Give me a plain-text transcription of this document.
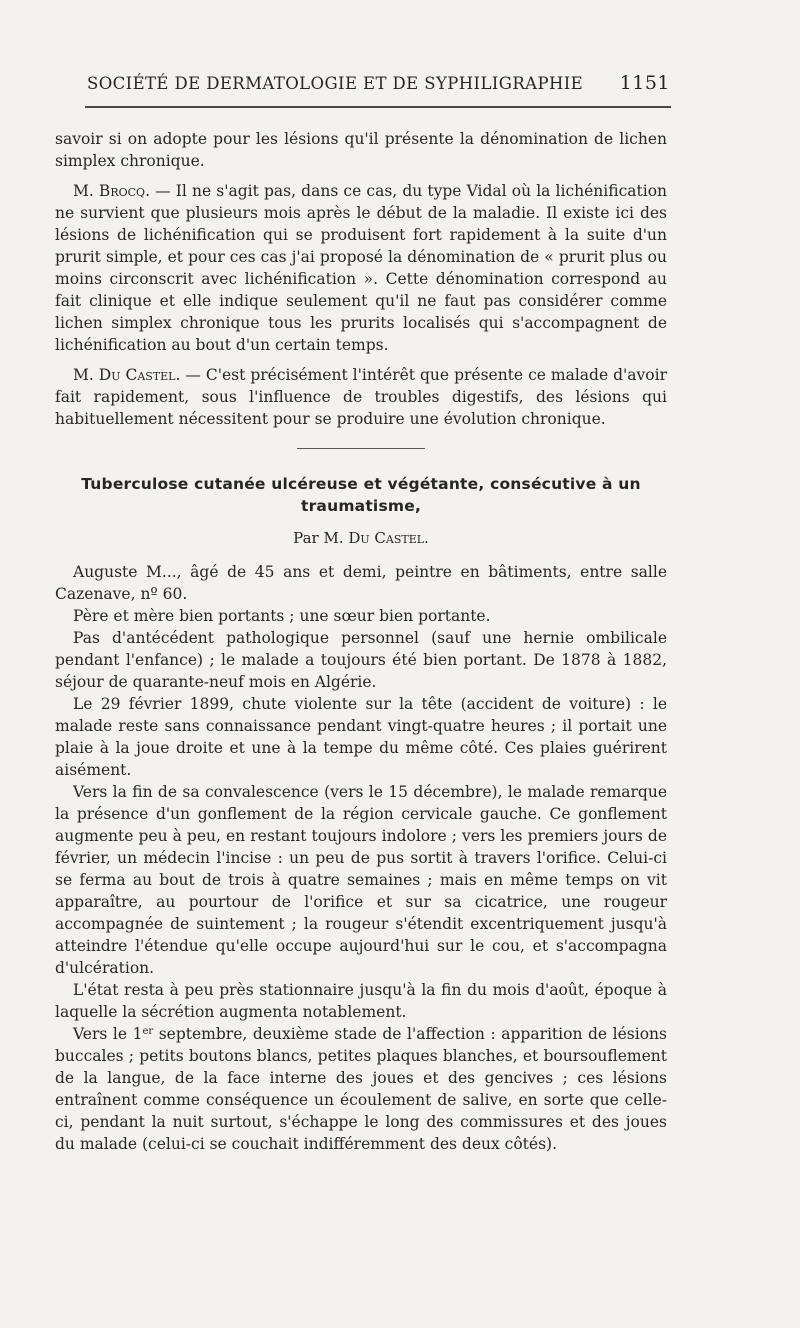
SOCIÉTÉ DE DERMATOLOGIE ET DE SYPHILIGRAPHIE 1151

savoir si on adopte pour les lésions qu'il présente la dénomination de lichen simplex chronique.

M. Brocq. — Il ne s'agit pas, dans ce cas, du type Vidal où la lichénification ne survient que plusieurs mois après le début de la maladie. Il existe ici des lésions de lichénification qui se produisent fort rapidement à la suite d'un prurit simple, et pour ces cas j'ai proposé la dénomination de « prurit plus ou moins circonscrit avec lichénification ». Cette dénomination correspond au fait clinique et elle indique seulement qu'il ne faut pas considérer comme lichen simplex chronique tous les prurits localisés qui s'accompagnent de lichénification au bout d'un certain temps.

M. Du Castel. — C'est précisément l'intérêt que présente ce malade d'avoir fait rapidement, sous l'influence de troubles digestifs, des lésions qui habituellement nécessitent pour se produire une évolution chronique.

Tuberculose cutanée ulcéreuse et végétante, consécutive à un traumatisme,
Par M. Du Castel.

Auguste M..., âgé de 45 ans et demi, peintre en bâtiments, entre salle Cazenave, nº 60.

Père et mère bien portants ; une sœur bien portante.

Pas d'antécédent pathologique personnel (sauf une hernie ombilicale pendant l'enfance) ; le malade a toujours été bien portant. De 1878 à 1882, séjour de quarante-neuf mois en Algérie.

Le 29 février 1899, chute violente sur la tête (accident de voiture) : le malade reste sans connaissance pendant vingt-quatre heures ; il portait une plaie à la joue droite et une à la tempe du même côté. Ces plaies guérirent aisément.

Vers la fin de sa convalescence (vers le 15 décembre), le malade remarque la présence d'un gonflement de la région cervicale gauche. Ce gonflement augmente peu à peu, en restant toujours indolore ; vers les premiers jours de février, un médecin l'incise : un peu de pus sortit à travers l'orifice. Celui-ci se ferma au bout de trois à quatre semaines ; mais en même temps on vit apparaître, au pourtour de l'orifice et sur sa cicatrice, une rougeur accompagnée de suintement ; la rougeur s'étendit excentriquement jusqu'à atteindre l'étendue qu'elle occupe aujourd'hui sur le cou, et s'accompagna d'ulcération.

L'état resta à peu près stationnaire jusqu'à la fin du mois d'août, époque à laquelle la sécrétion augmenta notablement.

Vers le 1er septembre, deuxième stade de l'affection : apparition de lésions buccales ; petits boutons blancs, petites plaques blanches, et boursouflement de la langue, de la face interne des joues et des gencives ; ces lésions entraînent comme conséquence un écoulement de salive, en sorte que celle-ci, pendant la nuit surtout, s'échappe le long des commissures et des joues du malade (celui-ci se couchait indifféremment des deux côtés).
